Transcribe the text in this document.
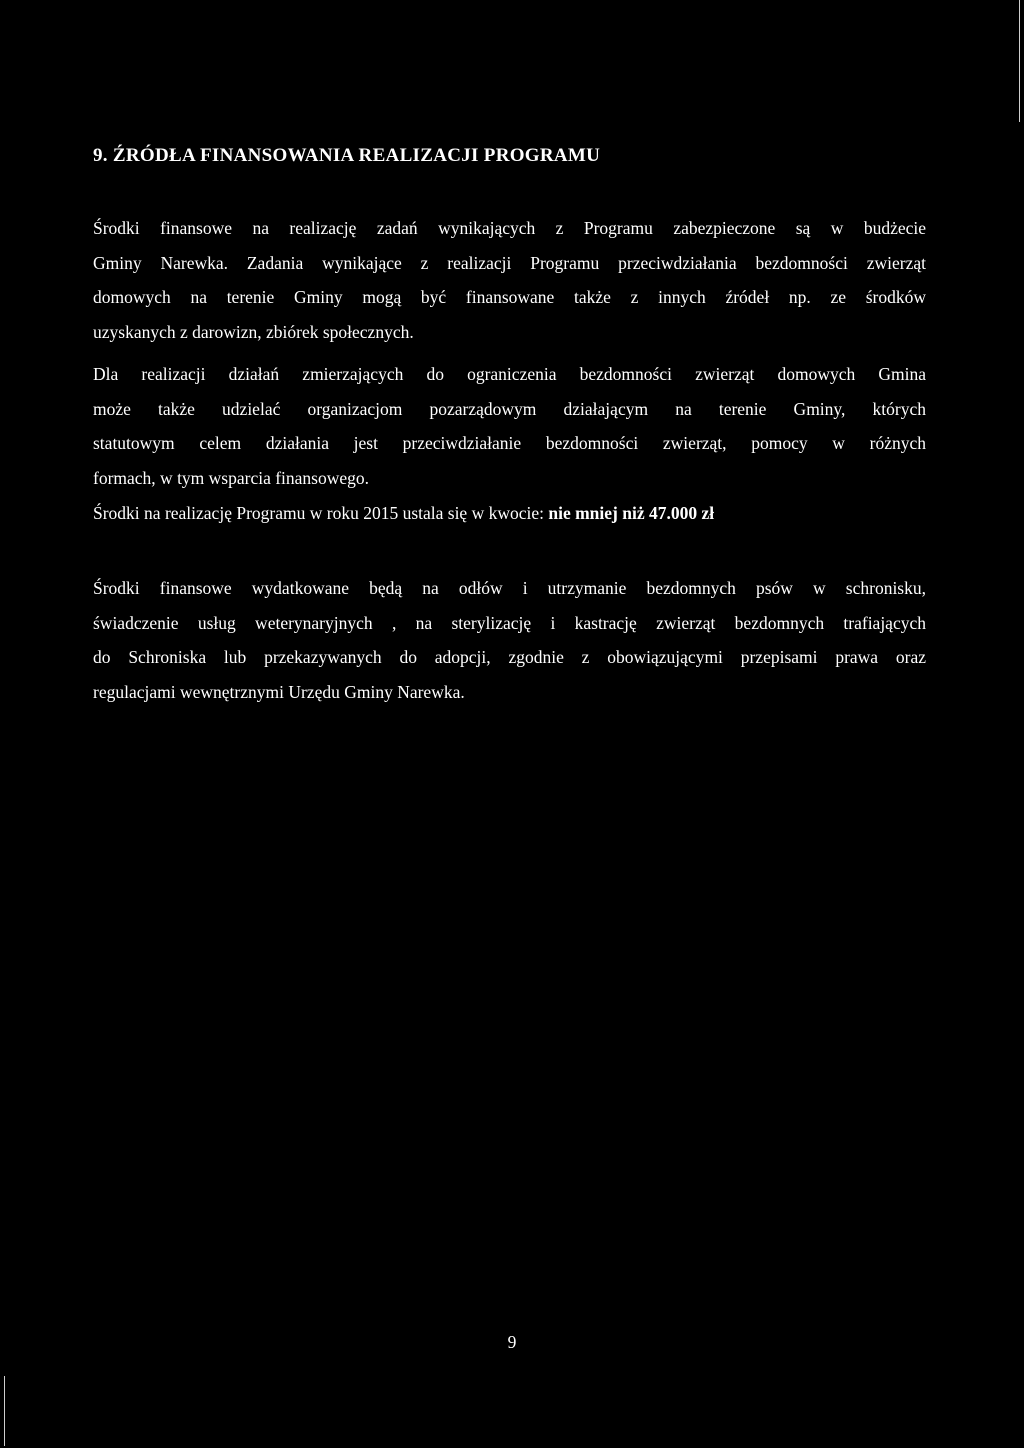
9. ŹRÓDŁA FINANSOWANIA REALIZACJI PROGRAMU
Środki finansowe na realizację zadań wynikających z Programu zabezpieczone są w budżecie
Gminy Narewka. Zadania wynikające z realizacji Programu przeciwdziałania bezdomności zwierząt
domowych na terenie Gminy mogą być finansowane także z innych źródeł np. ze środków
uzyskanych z darowizn, zbiórek społecznych.
Dla realizacji działań zmierzających do ograniczenia bezdomności zwierząt domowych Gmina
może także udzielać organizacjom pozarządowym działającym na terenie Gminy, których
statutowym celem działania jest przeciwdziałanie bezdomności zwierząt, pomocy w różnych
formach, w tym wsparcia finansowego.
Środki na realizację Programu w roku 2015 ustala się w kwocie: nie mniej niż 47.000 zł
Środki finansowe wydatkowane będą na odłów i utrzymanie bezdomnych psów w schronisku,
świadczenie usług weterynaryjnych , na sterylizację i kastrację zwierząt bezdomnych trafiających
do Schroniska lub przekazywanych do adopcji, zgodnie z obowiązującymi przepisami prawa oraz
regulacjami wewnętrznymi Urzędu Gminy Narewka.
9
